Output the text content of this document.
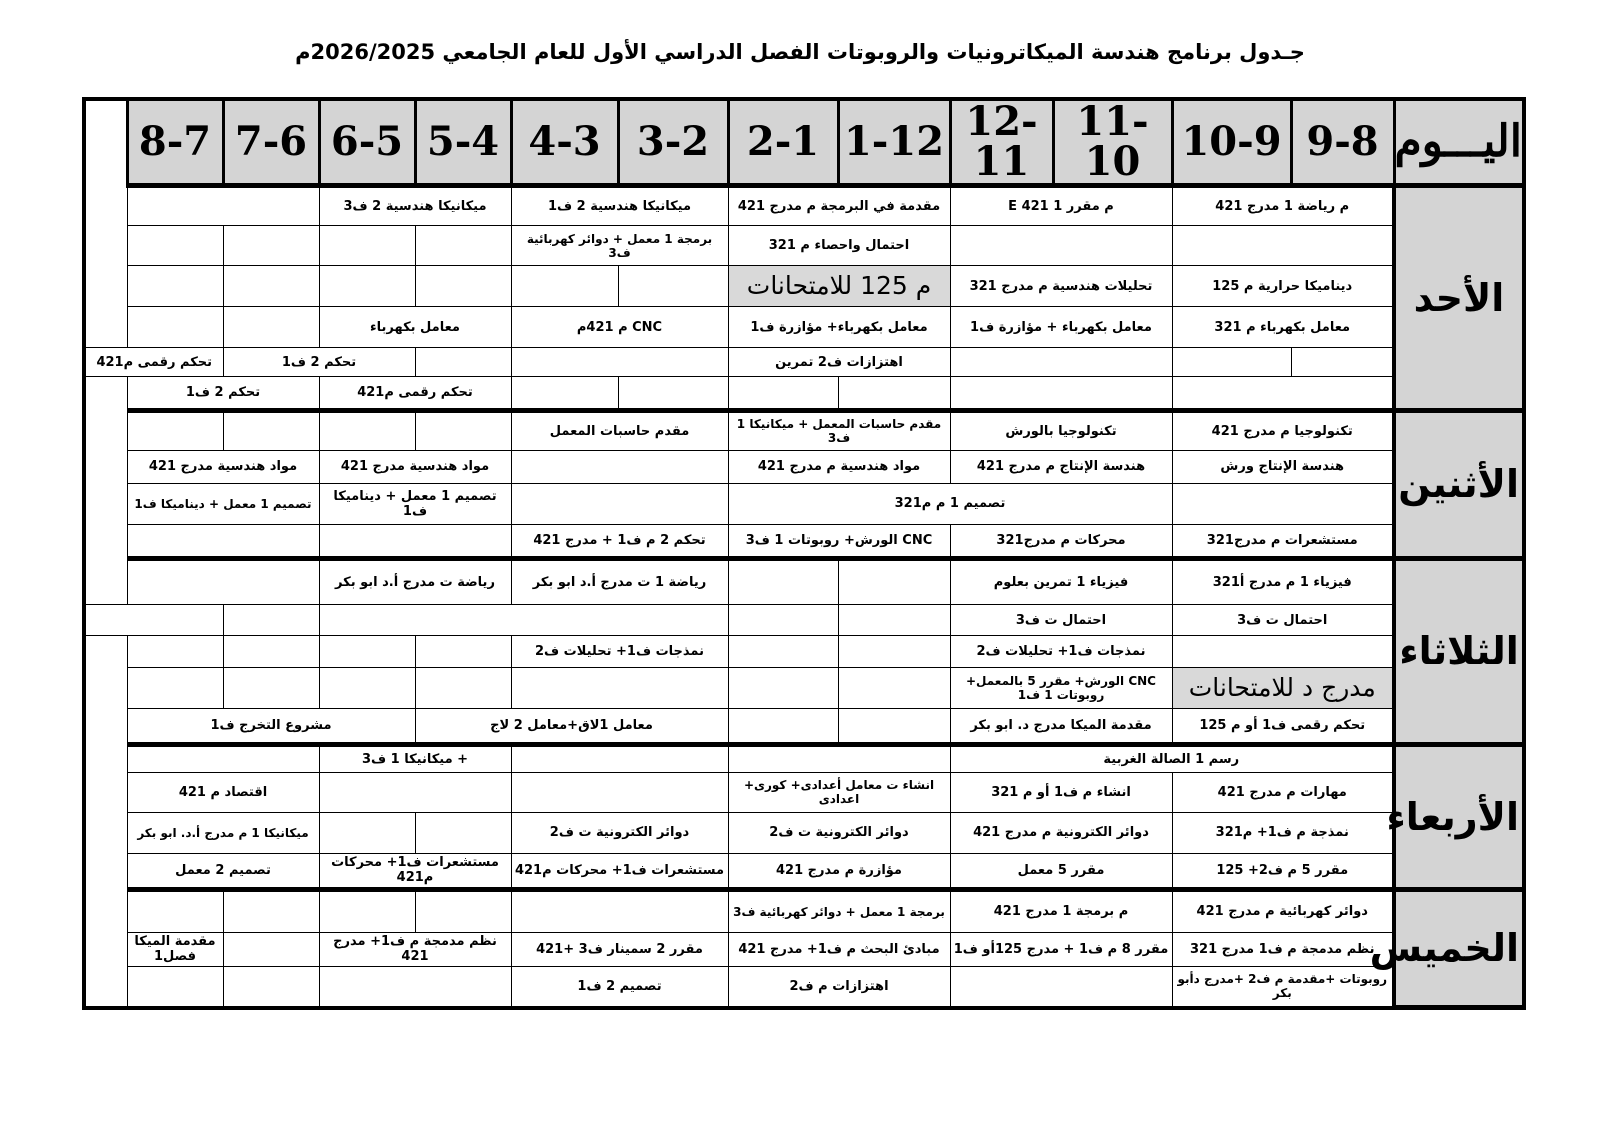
جـدول برنامج هندسة الميكاترونيات والروبوتات الفصل الدراسي الأول للعام الجامعي 2026/2025م
اليـــوم	9-8	10-9	11-10	12-11	1-12	2-1	3-2	4-3	5-4	6-5	7-6	8-7
الأحد	م رياضة 1 مدرج 421		م مقرر 1 E 421		مقدمة في البرمجة م مدرج 421		ميكانيكا هندسية 2 ف1		ميكانيكا هندسية 2 ف3			
					احتمال واحصاء م 321		برمجة 1 معمل + دوائر كهربائية ف3					
	ديناميكا حرارية م 125		تحليلات هندسية م مدرج 321		م 125 للامتحانات							
	معامل بكهرباء م 321		معامل بكهرباء + مؤازرة ف1		معامل بكهرباء+ مؤازرة ف1		CNC م 421م		معامل بكهرباء			
					اهتزازات ف2 تمرين					تحكم 2 ف1		تحكم رقمى م421
									تحكم رقمى م421		تحكم 2 ف1	
الأثنين	تكنولوجيا م مدرج 421		تكنولوجيا بالورش		مقدم حاسبات المعمل + ميكانيكا 1 ف3		مقدم حاسبات المعمل					
	هندسة الإنتاج ورش		هندسة الإنتاج م مدرج 421		مواد هندسية م مدرج 421				مواد هندسية مدرج 421		مواد هندسية مدرج 421	
			تصميم 1 م م321						تصميم 1 معمل + ديناميكا ف1		تصميم 1 معمل + ديناميكا ف1	
	مستشعرات م مدرج321		محركات م مدرج321		CNC الورش+ روبوتات 1 ف3		تحكم 2 م ف1 + مدرج 421					
الثلاثاء	فيزياء 1 م مدرج أ321		فيزياء 1 تمرين بعلوم				رياضة 1 ت مدرج أ.د ابو بكر		رياضة ت مدرج أ.د ابو بكر			
	احتمال ت ف3		احتمال ت ف3									
			نمذجات ف1+ تحليلات ف2				نمذجات ف1+ تحليلات ف2					
	مدرج د للامتحانات		CNC الورش+ مقرر 5 بالمعمل+ روبوتات 1 ف1									
	تحكم رقمى ف1 أو م 125		مقدمة الميكا مدرج د. ابو بكر				معامل 1لاق+معامل 2 لاج			مشروع التخرج ف1		
الأربعاء	رسم 1 الصالة الغربية								+ ميكانيكا 1 ف3			
	مهارات م مدرج 421		انشاء م ف1 أو م 321		انشاء ت معامل أعدادى+ كورى+ اعدادى						اقتصاد م 421	
	نمذجة م ف1+ م321		دوائر الكترونية م مدرج 421		دوائر الكترونية ت ف2		دوائر الكترونية ت ف2				ميكانيكا 1 م مدرج أ.د. ابو بكر	
	مقرر 5 م ف2+ 125		مقرر 5 معمل		مؤازرة م مدرج 421		مستشعرات ف1+ محركات م421		مستشعرات ف1+ محركات م421		تصميم 2 معمل	
الخميس	دوائر كهربائية م مدرج 421		م برمجة 1 مدرج 421		برمجة 1 معمل + دوائر كهربائية ف3							
	نظم مدمجة م ف1 مدرج 321		مقرر 8 م ف1 + مدرج 125أو ف1		مبادئ البحث م ف1+ مدرج 421		مقرر 2 سمينار ف3 +421		نظم مدمجة م ف1+ مدرج 421			مقدمة الميكا فصل1
	روبوتات +مقدمة م ف2 +مدرج دأبو بكر				اهتزازات م ف2		تصميم 2 ف1					
